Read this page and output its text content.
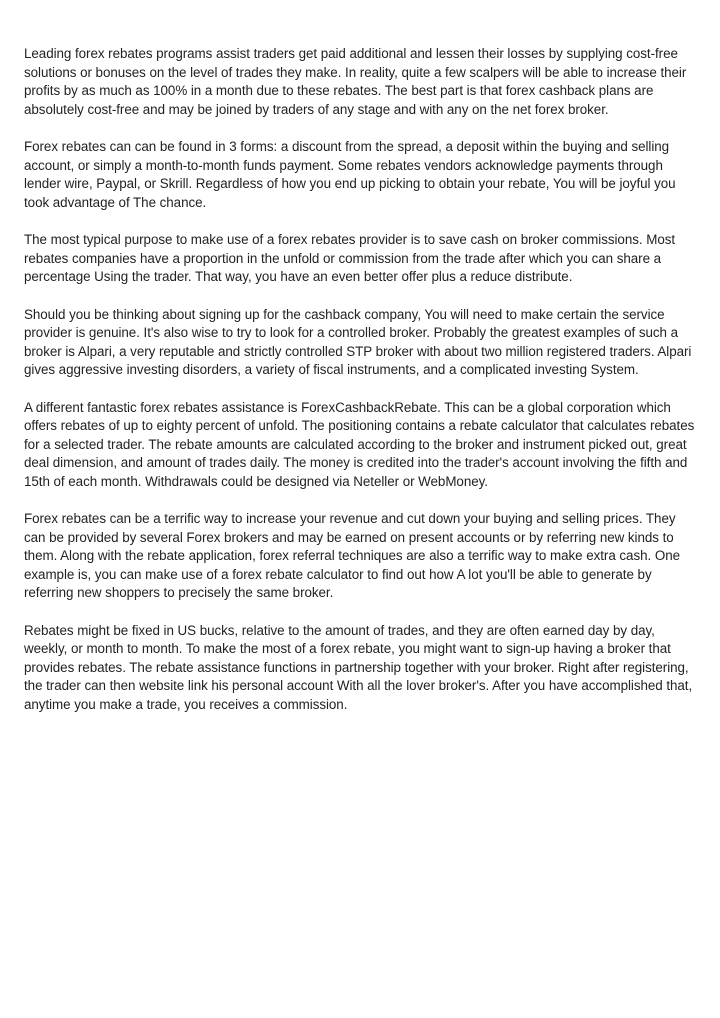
Leading forex rebates programs assist traders get paid additional and lessen their losses by supplying cost-free solutions or bonuses on the level of trades they make. In reality, quite a few scalpers will be able to increase their profits by as much as 100% in a month due to these rebates. The best part is that forex cashback plans are absolutely cost-free and may be joined by traders of any stage and with any on the net forex broker.

Forex rebates can can be found in 3 forms: a discount from the spread, a deposit within the buying and selling account, or simply a month-to-month funds payment. Some rebates vendors acknowledge payments through lender wire, Paypal, or Skrill. Regardless of how you end up picking to obtain your rebate, You will be joyful you took advantage of The chance.

The most typical purpose to make use of a forex rebates provider is to save cash on broker commissions. Most rebates companies have a proportion in the unfold or commission from the trade after which you can share a percentage Using the trader. That way, you have an even better offer plus a reduce distribute.

Should you be thinking about signing up for the cashback company, You will need to make certain the service provider is genuine. It's also wise to try to look for a controlled broker. Probably the greatest examples of such a broker is Alpari, a very reputable and strictly controlled STP broker with about two million registered traders. Alpari gives aggressive investing disorders, a variety of fiscal instruments, and a complicated investing System.

A different fantastic forex rebates assistance is ForexCashbackRebate. This can be a global corporation which offers rebates of up to eighty percent of unfold. The positioning contains a rebate calculator that calculates rebates for a selected trader. The rebate amounts are calculated according to the broker and instrument picked out, great deal dimension, and amount of trades daily. The money is credited into the trader's account involving the fifth and 15th of each month. Withdrawals could be designed via Neteller or WebMoney.

Forex rebates can be a terrific way to increase your revenue and cut down your buying and selling prices. They can be provided by several Forex brokers and may be earned on present accounts or by referring new kinds to them. Along with the rebate application, forex referral techniques are also a terrific way to make extra cash. One example is, you can make use of a forex rebate calculator to find out how A lot you'll be able to generate by referring new shoppers to precisely the same broker.

Rebates might be fixed in US bucks, relative to the amount of trades, and they are often earned day by day, weekly, or month to month. To make the most of a forex rebate, you might want to sign-up having a broker that provides rebates. The rebate assistance functions in partnership together with your broker. Right after registering, the trader can then website link his personal account With all the lover broker's. After you have accomplished that, anytime you make a trade, you receives a commission.
